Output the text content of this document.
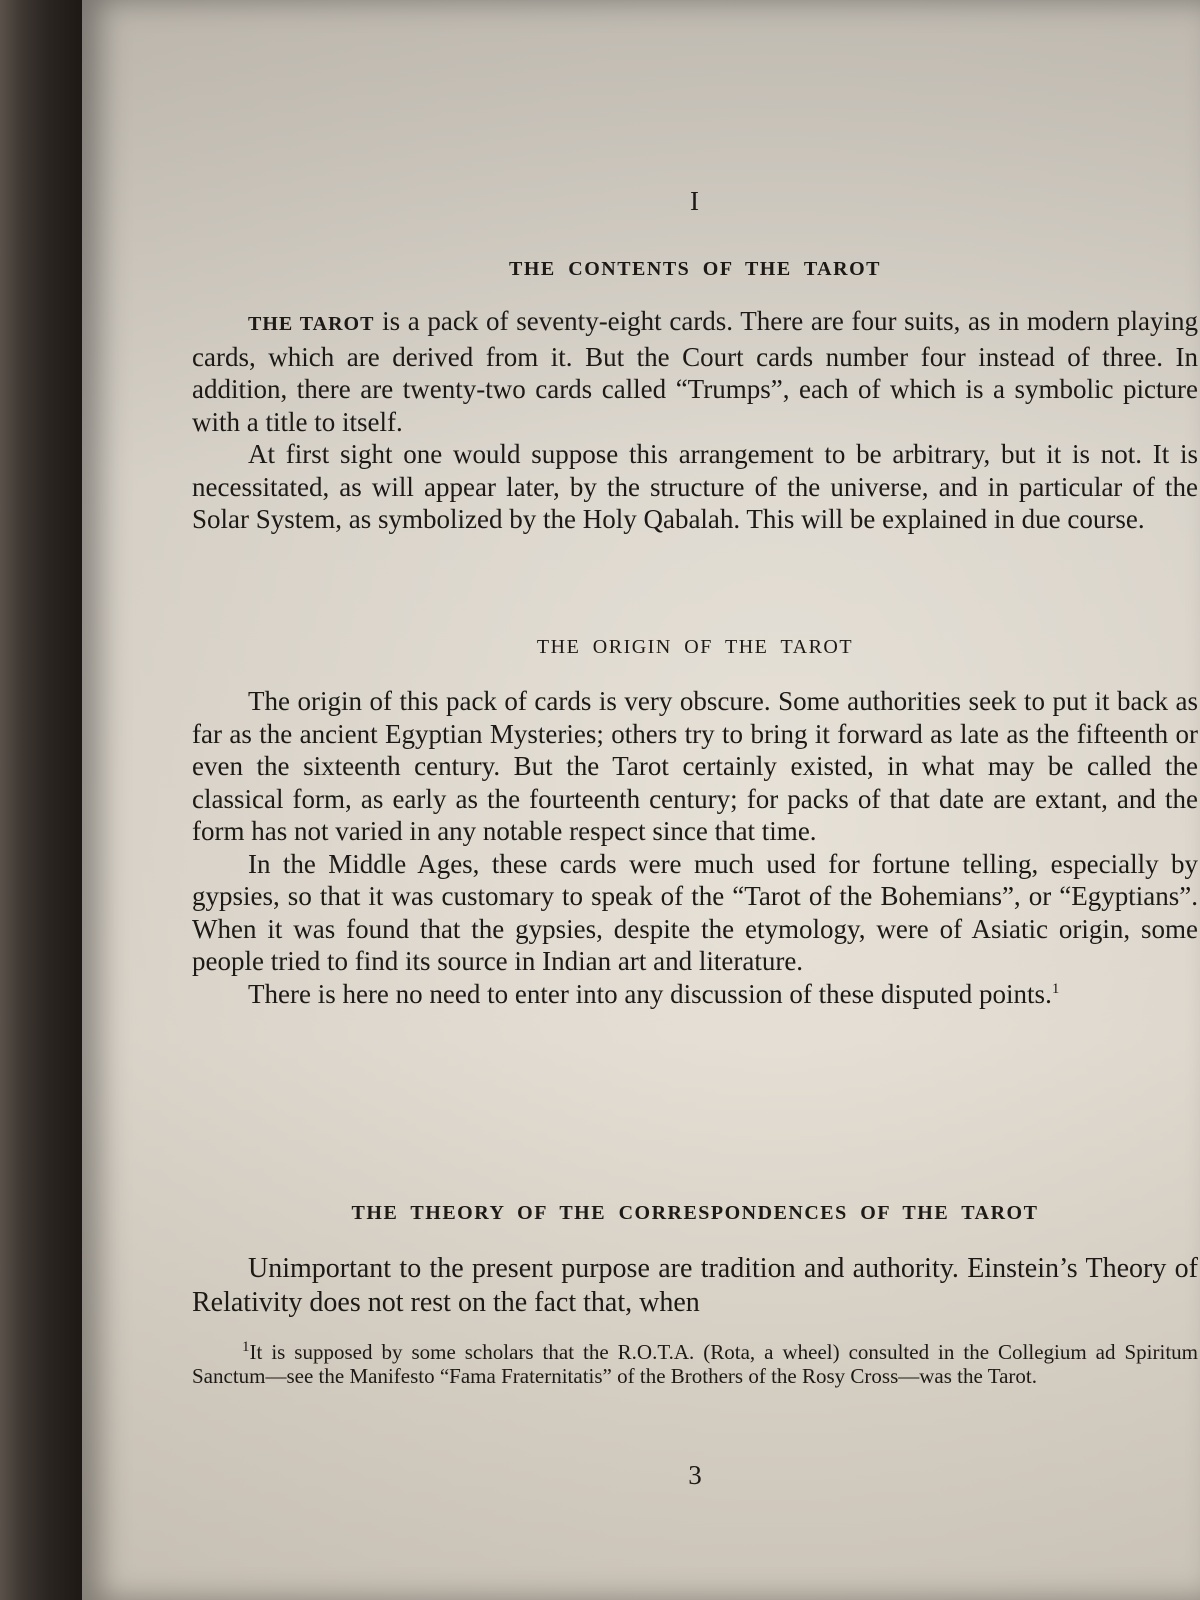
I
THE CONTENTS OF THE TAROT

THE TAROT is a pack of seventy-eight cards. There are four suits, as in modern playing cards, which are derived from it. But the Court cards number four instead of three. In addition, there are twenty-two cards called “Trumps”, each of which is a symbolic picture with a title to itself.

At first sight one would suppose this arrangement to be arbitrary, but it is not. It is necessitated, as will appear later, by the structure of the universe, and in particular of the Solar System, as symbolized by the Holy Qabalah. This will be explained in due course.

THE ORIGIN OF THE TAROT

The origin of this pack of cards is very obscure. Some authorities seek to put it back as far as the ancient Egyptian Mysteries; others try to bring it forward as late as the fifteenth or even the sixteenth century. But the Tarot certainly existed, in what may be called the classical form, as early as the fourteenth century; for packs of that date are extant, and the form has not varied in any notable respect since that time.

In the Middle Ages, these cards were much used for fortune telling, especially by gypsies, so that it was customary to speak of the “Tarot of the Bohemians”, or “Egyptians”. When it was found that the gypsies, despite the etymology, were of Asiatic origin, some people tried to find its source in Indian art and literature.

There is here no need to enter into any discussion of these disputed points.$^1$

THE THEORY OF THE CORRESPONDENCES OF THE TAROT

Unimportant to the present purpose are tradition and authority. Einstein’s Theory of Relativity does not rest on the fact that, when

$^1$It is supposed by some scholars that the R.O.T.A. (Rota, a wheel) consulted in the Collegium ad Spiritum Sanctum—see the Manifesto “Fama Fraternitatis” of the Brothers of the Rosy Cross—was the Tarot.

3
